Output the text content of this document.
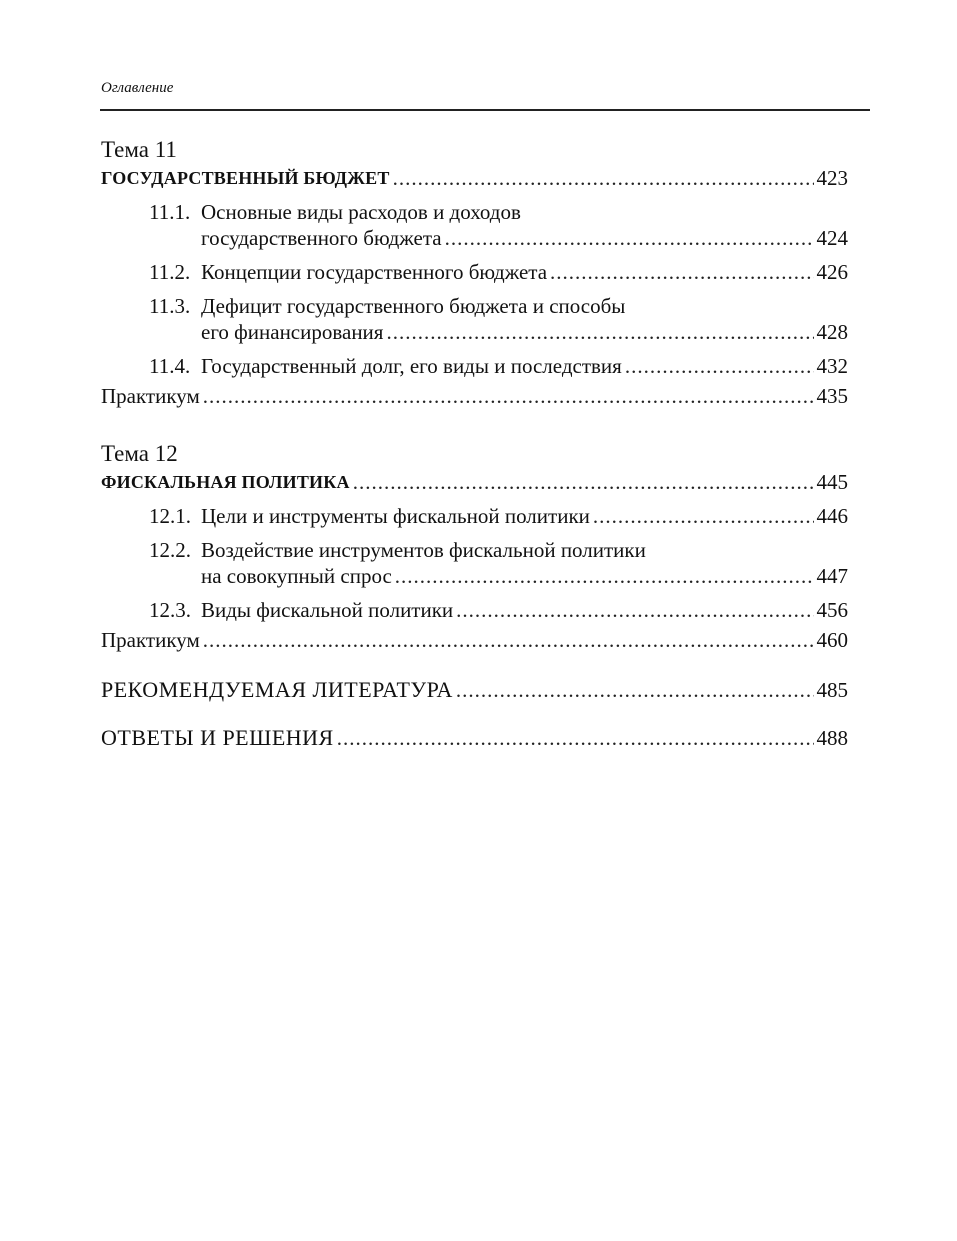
Оглавление

Тема 11

ГОСУДАРСТВЕННЫЙ БЮДЖЕТ .....	423
11.1. Основные виды расходов и доходов
государственного бюджета .....	424
11.2. Концепции государственного бюджета .....	426
11.3. Дефицит государственного бюджета и способы
его финансирования .....	428
11.4. Государственный долг, его виды и последствия .....	432
Практикум .....	435

Тема 12

ФИСКАЛЬНАЯ ПОЛИТИКА .....	445
12.1. Цели и инструменты фискальной политики .....	446
12.2. Воздействие инструментов фискальной политики
на совокупный спрос .....	447
12.3. Виды фискальной политики .....	456
Практикум .....	460
РЕКОМЕНДУЕМАЯ ЛИТЕРАТУРА .....	485
ОТВЕТЫ И РЕШЕНИЯ .....	488
